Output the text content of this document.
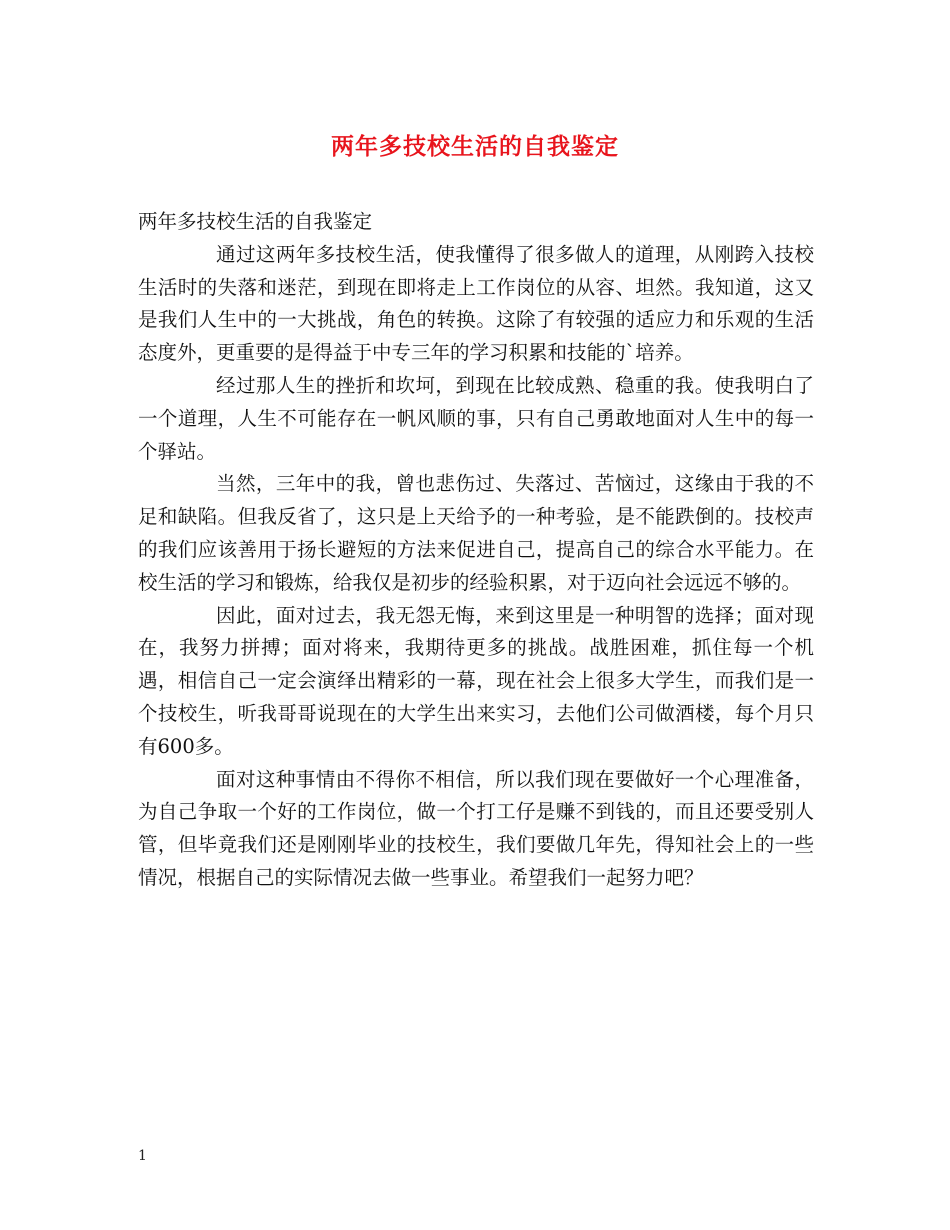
两年多技校生活的自我鉴定

两年多技校生活的自我鉴定

通过这两年多技校生活，使我懂得了很多做人的道理，从刚跨入技校生活时的失落和迷茫，到现在即将走上工作岗位的从容、坦然。我知道，这又是我们人生中的一大挑战，角色的转换。这除了有较强的适应力和乐观的生活态度外，更重要的是得益于中专三年的学习积累和技能的`培养。

经过那人生的挫折和坎坷，到现在比较成熟、稳重的我。使我明白了一个道理，人生不可能存在一帆风顺的事，只有自己勇敢地面对人生中的每一个驿站。

当然，三年中的我，曾也悲伤过、失落过、苦恼过，这缘由于我的不足和缺陷。但我反省了，这只是上天给予的一种考验，是不能跌倒的。技校声的我们应该善用于扬长避短的方法来促进自己，提高自己的综合水平能力。在校生活的学习和锻炼，给我仅是初步的经验积累，对于迈向社会远远不够的。

因此，面对过去，我无怨无悔，来到这里是一种明智的选择；面对现在，我努力拼搏；面对将来，我期待更多的挑战。战胜困难，抓住每一个机遇，相信自己一定会演绎出精彩的一幕，现在社会上很多大学生，而我们是一个技校生，听我哥哥说现在的大学生出来实习，去他们公司做酒楼，每个月只有600多。

面对这种事情由不得你不相信，所以我们现在要做好一个心理准备，为自己争取一个好的工作岗位，做一个打工仔是赚不到钱的，而且还要受别人管，但毕竟我们还是刚刚毕业的技校生，我们要做几年先，得知社会上的一些情况，根据自己的实际情况去做一些事业。希望我们一起努力吧？

1
